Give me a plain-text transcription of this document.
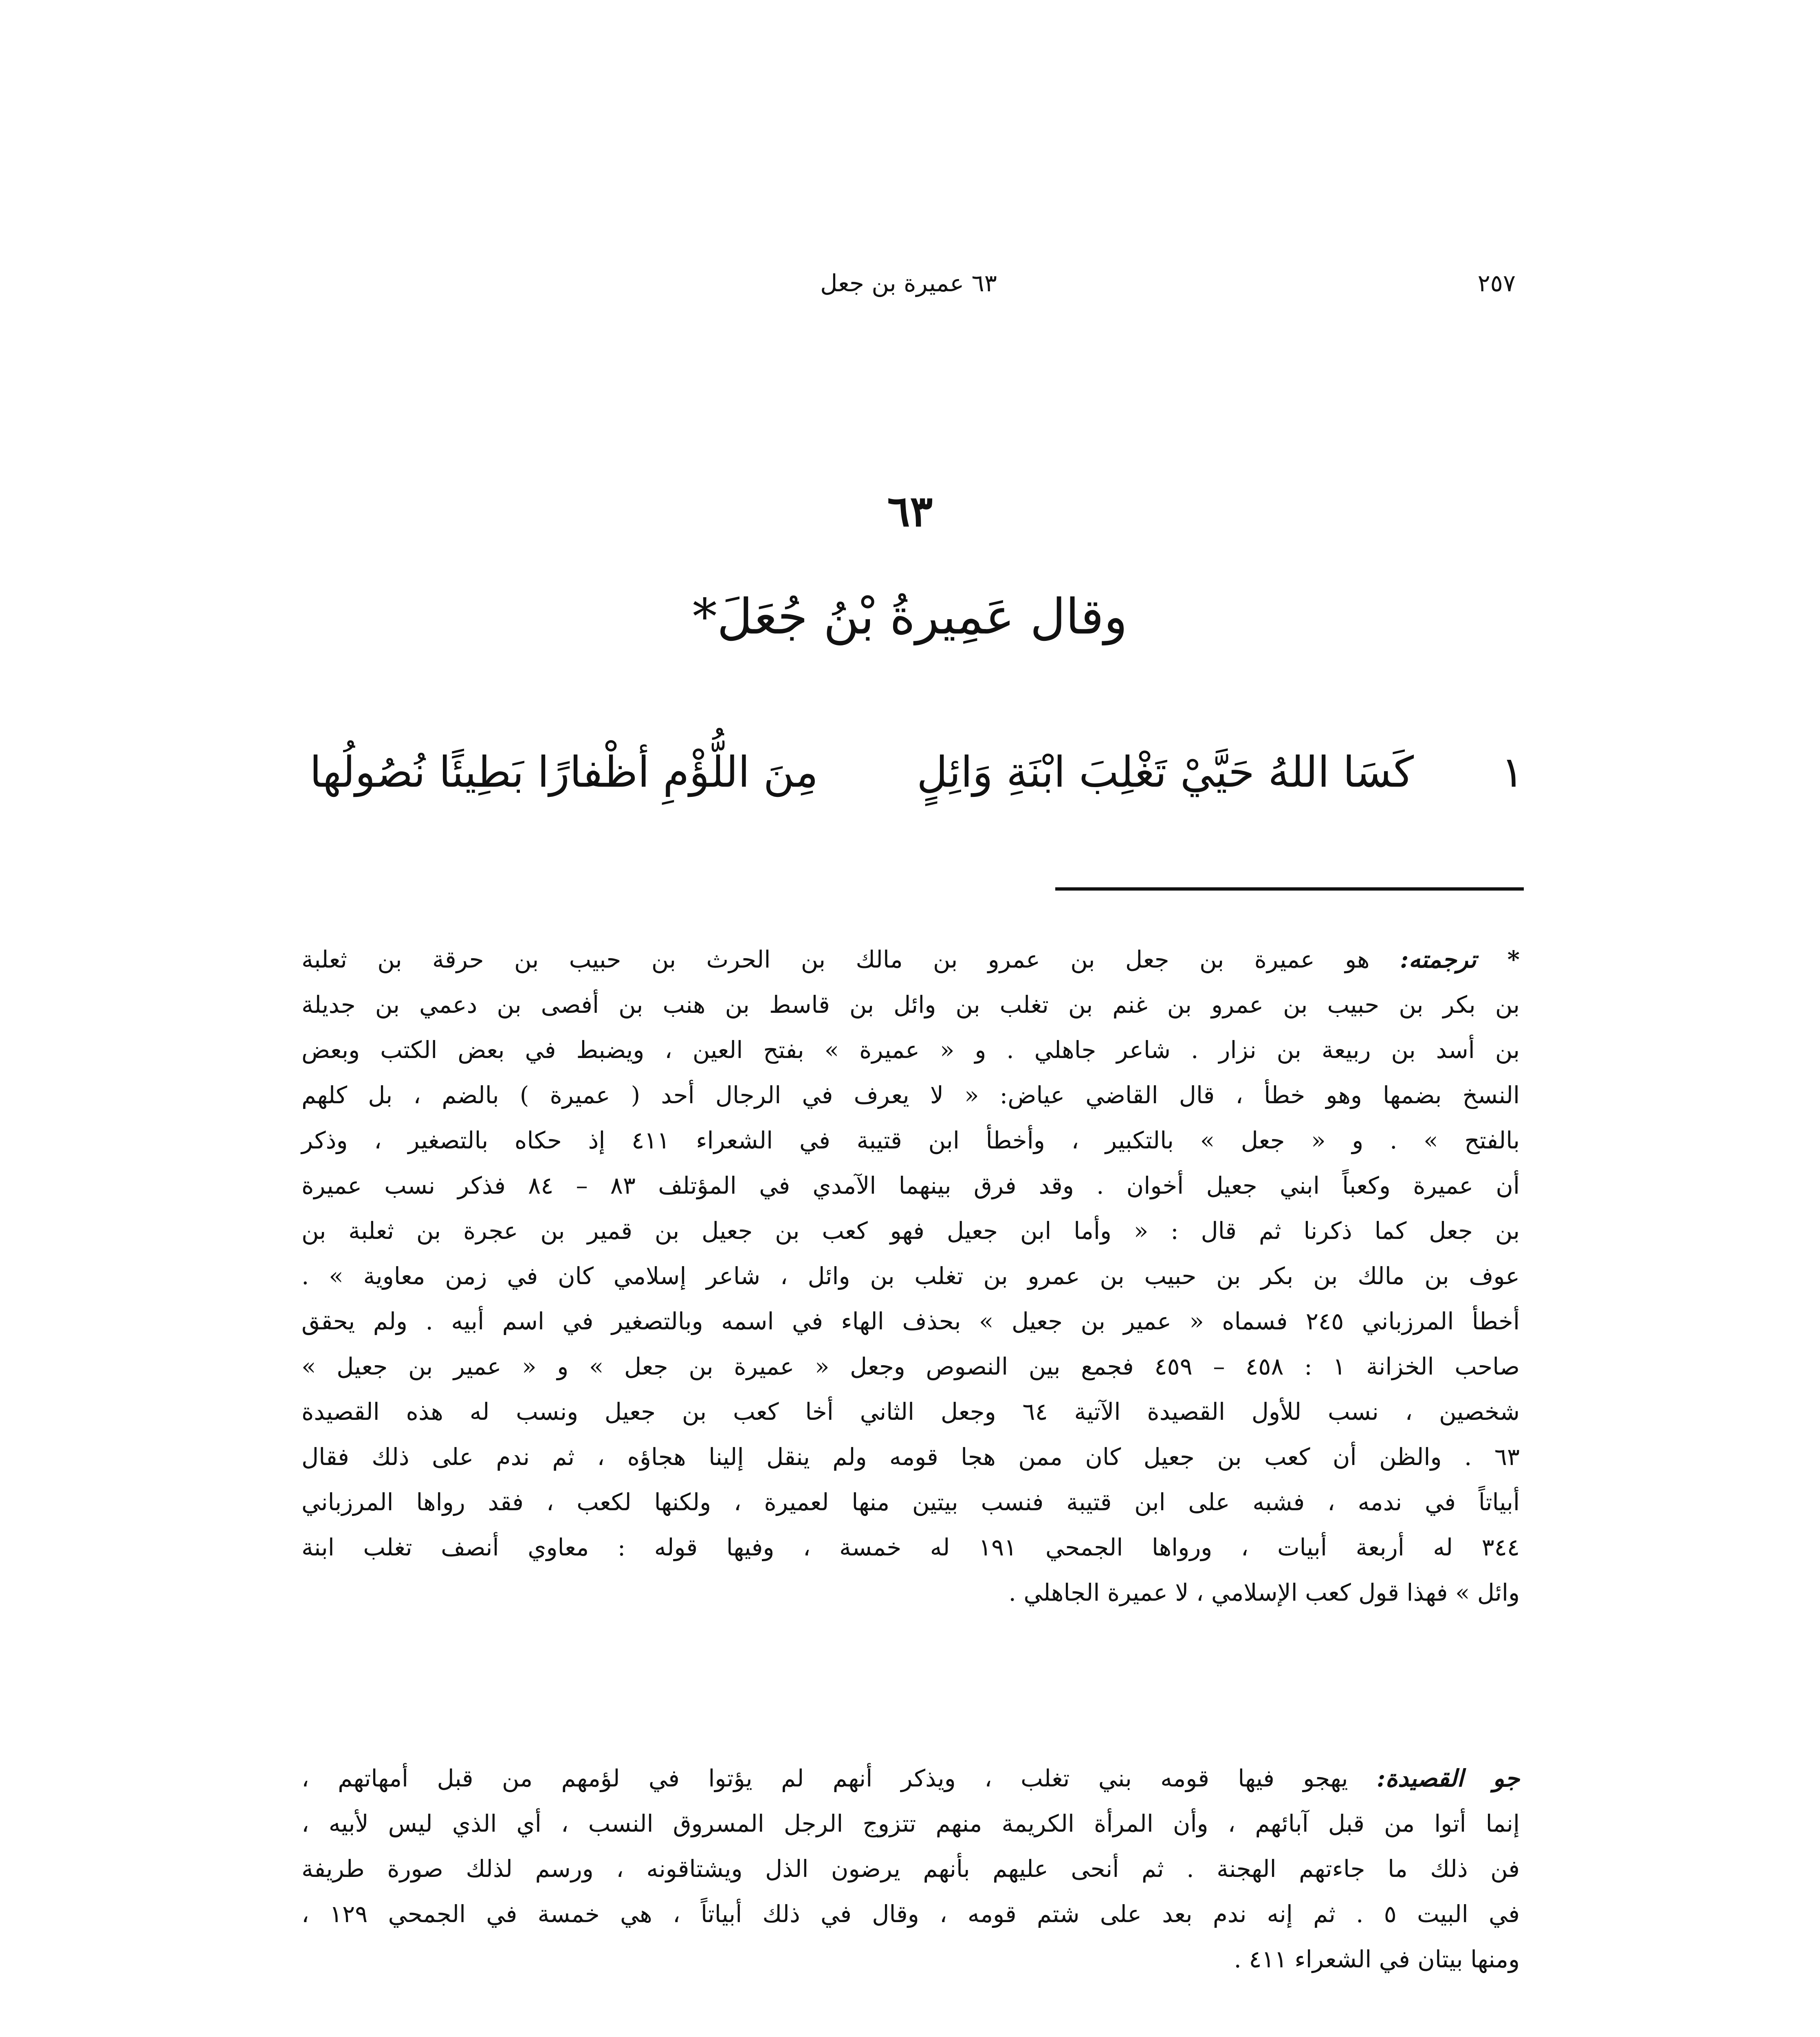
٢٥٧
٦٣ عميرة بن جعل
٦٣
وقال عَمِيرةُ بْنُ جُعَلَ*
١
كَسَا اللهُ حَيَّيْ تَغْلِبَ ابْنَةِ وَائِلٍ
مِنَ اللُّؤْمِ أظْفارًا بَطِيئًا نُصُولُها
* ترجمته: هو عميرة بن جعل بن عمرو بن مالك بن الحرث بن حبيب بن حرقة بن ثعلبة
بن بكر بن حبيب بن عمرو بن غنم بن تغلب بن وائل بن قاسط بن هنب بن أفصى بن دعمي بن جديلة
بن أسد بن ربيعة بن نزار . شاعر جاهلي . و « عميرة » بفتح العين ، ويضبط في بعض الكتب وبعض
النسخ بضمها وهو خطأ ، قال القاضي عياض: « لا يعرف في الرجال أحد ( عميرة ) بالضم ، بل كلهم
بالفتح » . و « جعل » بالتكبير ، وأخطأ ابن قتيبة في الشعراء ٤١١ إذ حكاه بالتصغير ، وذكر
أن عميرة وكعباً ابني جعيل أخوان . وقد فرق بينهما الآمدي في المؤتلف ٨٣ – ٨٤ فذكر نسب عميرة
بن جعل كما ذكرنا ثم قال : « وأما ابن جعيل فهو كعب بن جعيل بن قمير بن عجرة بن ثعلبة بن
عوف بن مالك بن بكر بن حبيب بن عمرو بن تغلب بن وائل ، شاعر إسلامي كان في زمن معاوية » .
أخطأ المرزباني ٢٤٥ فسماه « عمير بن جعيل » بحذف الهاء في اسمه وبالتصغير في اسم أبيه . ولم يحقق
صاحب الخزانة ١ : ٤٥٨ – ٤٥٩ فجمع بين النصوص وجعل « عميرة بن جعل » و « عمير بن جعيل »
شخصين ، نسب للأول القصيدة الآتية ٦٤ وجعل الثاني أخا كعب بن جعيل ونسب له هذه القصيدة
٦٣ . والظن أن كعب بن جعيل كان ممن هجا قومه ولم ينقل إلينا هجاؤه ، ثم ندم على ذلك فقال
أبياتاً في ندمه ، فشبه على ابن قتيبة فنسب بيتين منها لعميرة ، ولكنها لكعب ، فقد رواها المرزباني
٣٤٤ له أربعة أبيات ، ورواها الجمحي ١٩١ له خمسة ، وفيها قوله : معاوي أنصف تغلب ابنة
وائل » فهذا قول كعب الإسلامي ، لا عميرة الجاهلي .
جو القصيدة: يهجو فيها قومه بني تغلب ، ويذكر أنهم لم يؤتوا في لؤمهم من قبل أمهاتهم ،
إنما أتوا من قبل آبائهم ، وأن المرأة الكريمة منهم تتزوج الرجل المسروق النسب ، أي الذي ليس لأبيه ،
فن ذلك ما جاءتهم الهجنة . ثم أنحى عليهم بأنهم يرضون الذل ويشتاقونه ، ورسم لذلك صورة طريفة
في البيت ٥ . ثم إنه ندم بعد على شتم قومه ، وقال في ذلك أبياتاً ، هي خمسة في الجمحي ١٢٩ ،
ومنها بيتان في الشعراء ٤١١ .
